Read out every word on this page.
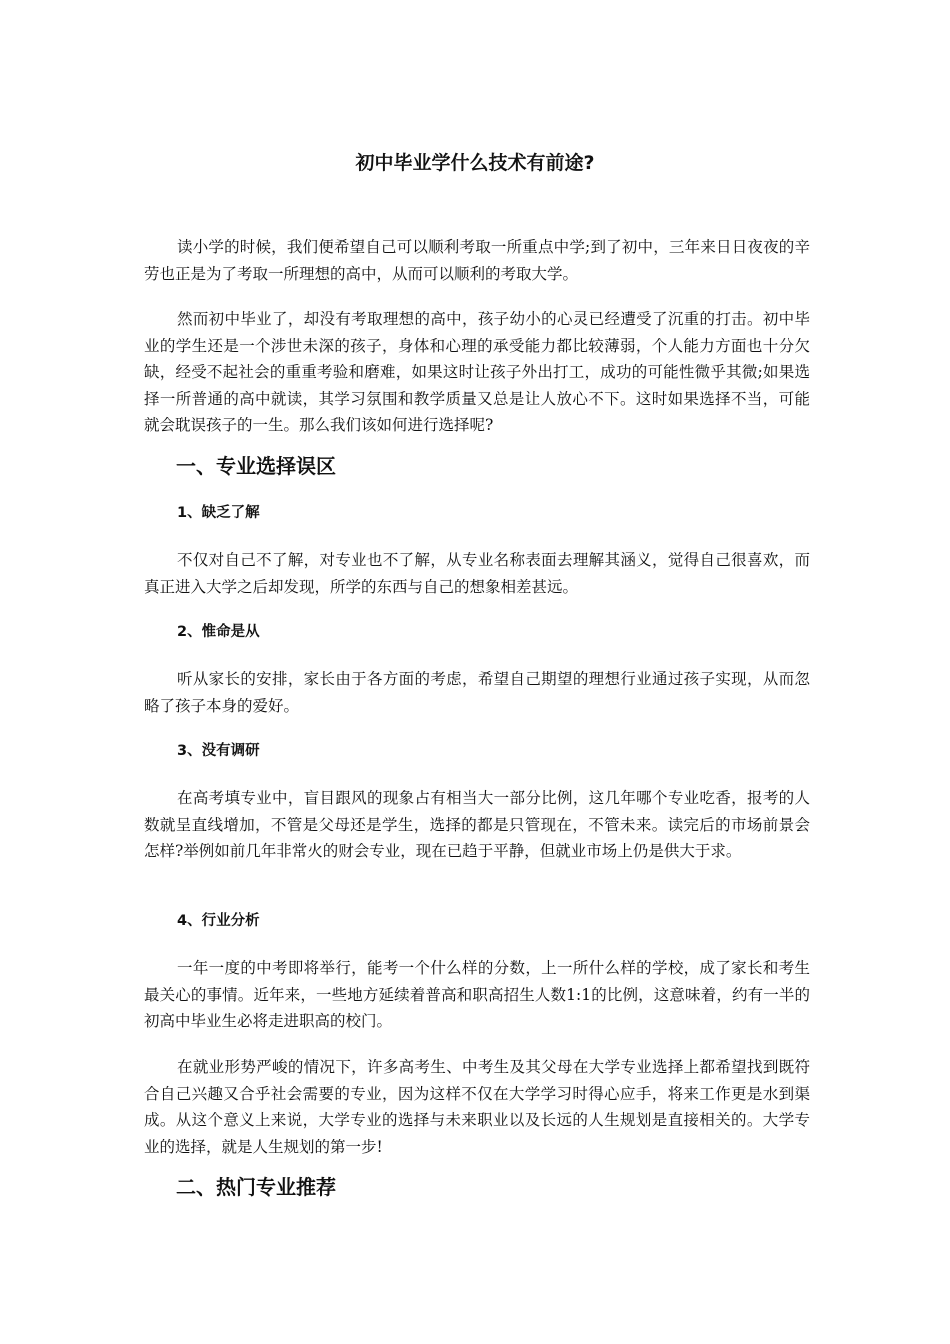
初中毕业学什么技术有前途?

读小学的时候，我们便希望自己可以顺利考取一所重点中学;到了初中，三年来日日夜夜的辛劳也正是为了考取一所理想的高中，从而可以顺利的考取大学。

然而初中毕业了，却没有考取理想的高中，孩子幼小的心灵已经遭受了沉重的打击。初中毕业的学生还是一个涉世未深的孩子，身体和心理的承受能力都比较薄弱，个人能力方面也十分欠缺，经受不起社会的重重考验和磨难，如果这时让孩子外出打工，成功的可能性微乎其微;如果选择一所普通的高中就读，其学习氛围和教学质量又总是让人放心不下。这时如果选择不当，可能就会耽误孩子的一生。那么我们该如何进行选择呢?

一、专业选择误区
1、缺乏了解

不仅对自己不了解，对专业也不了解，从专业名称表面去理解其涵义，觉得自己很喜欢，而真正进入大学之后却发现，所学的东西与自己的想象相差甚远。

2、惟命是从

听从家长的安排，家长由于各方面的考虑，希望自己期望的理想行业通过孩子实现，从而忽略了孩子本身的爱好。

3、没有调研

在高考填专业中，盲目跟风的现象占有相当大一部分比例，这几年哪个专业吃香，报考的人数就呈直线增加，不管是父母还是学生，选择的都是只管现在，不管未来。读完后的市场前景会怎样?举例如前几年非常火的财会专业，现在已趋于平静，但就业市场上仍是供大于求。

4、行业分析

一年一度的中考即将举行，能考一个什么样的分数，上一所什么样的学校，成了家长和考生最关心的事情。近年来，一些地方延续着普高和职高招生人数1:1的比例，这意味着，约有一半的初高中毕业生必将走进职高的校门。

在就业形势严峻的情况下，许多高考生、中考生及其父母在大学专业选择上都希望找到既符合自己兴趣又合乎社会需要的专业，因为这样不仅在大学学习时得心应手，将来工作更是水到渠成。从这个意义上来说，大学专业的选择与未来职业以及长远的人生规划是直接相关的。大学专业的选择，就是人生规划的第一步!

二、热门专业推荐
